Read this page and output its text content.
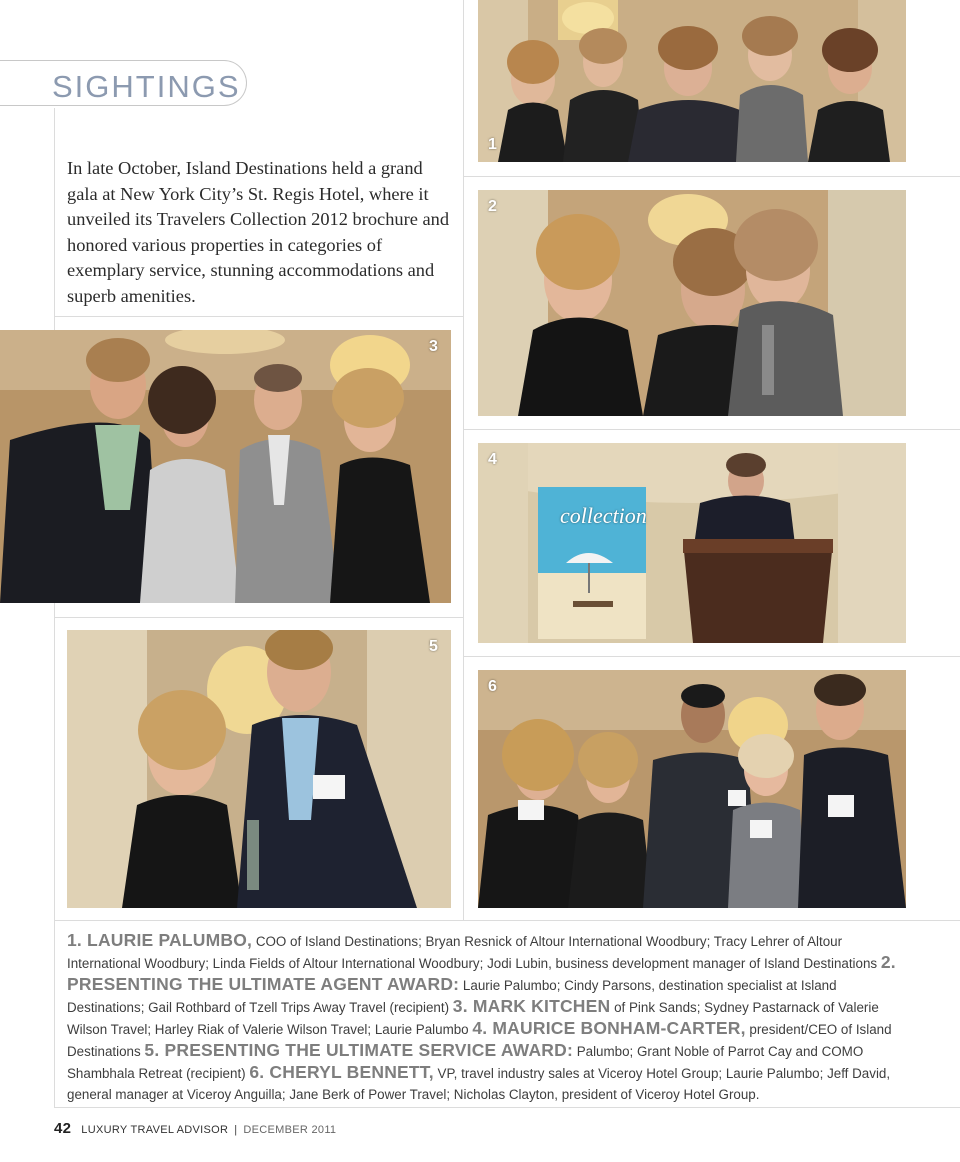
SIGHTINGS
In late October, Island Destinations held a grand gala at New York City’s St. Regis Hotel, where it unveiled its Travelers Collection 2012 brochure and honored various properties in categories of exemplary service, stunning accommodations and superb amenities.
1
2
3
collection
4
5
6
1. LAURIE PALUMBO, COO of Island Destinations; Bryan Resnick of Altour International Woodbury; Tracy Lehrer of Altour International Woodbury; Linda Fields of Altour International Woodbury; Jodi Lubin, business development manager of Island Destinations 2. PRESENTING THE ULTIMATE AGENT AWARD: Laurie Palumbo; Cindy Parsons, destination specialist at Island Destinations; Gail Rothbard of Tzell Trips Away Travel (recipient) 3. MARK KITCHEN of Pink Sands; Sydney Pastarnack of Valerie Wilson Travel; Harley Riak of Valerie Wilson Travel; Laurie Palumbo 4. MAURICE BONHAM-CARTER, president/CEO of Island Destinations 5. PRESENTING THE ULTIMATE SERVICE AWARD: Palumbo; Grant Noble of Parrot Cay and COMO Shambhala Retreat (recipient) 6. CHERYL BENNETT, VP, travel industry sales at Viceroy Hotel Group; Laurie Palumbo; Jeff David, general manager at Viceroy Anguilla; Jane Berk of Power Travel; Nicholas Clayton, president of Viceroy Hotel Group.
42 LUXURY TRAVEL ADVISOR | DECEMBER 2011
